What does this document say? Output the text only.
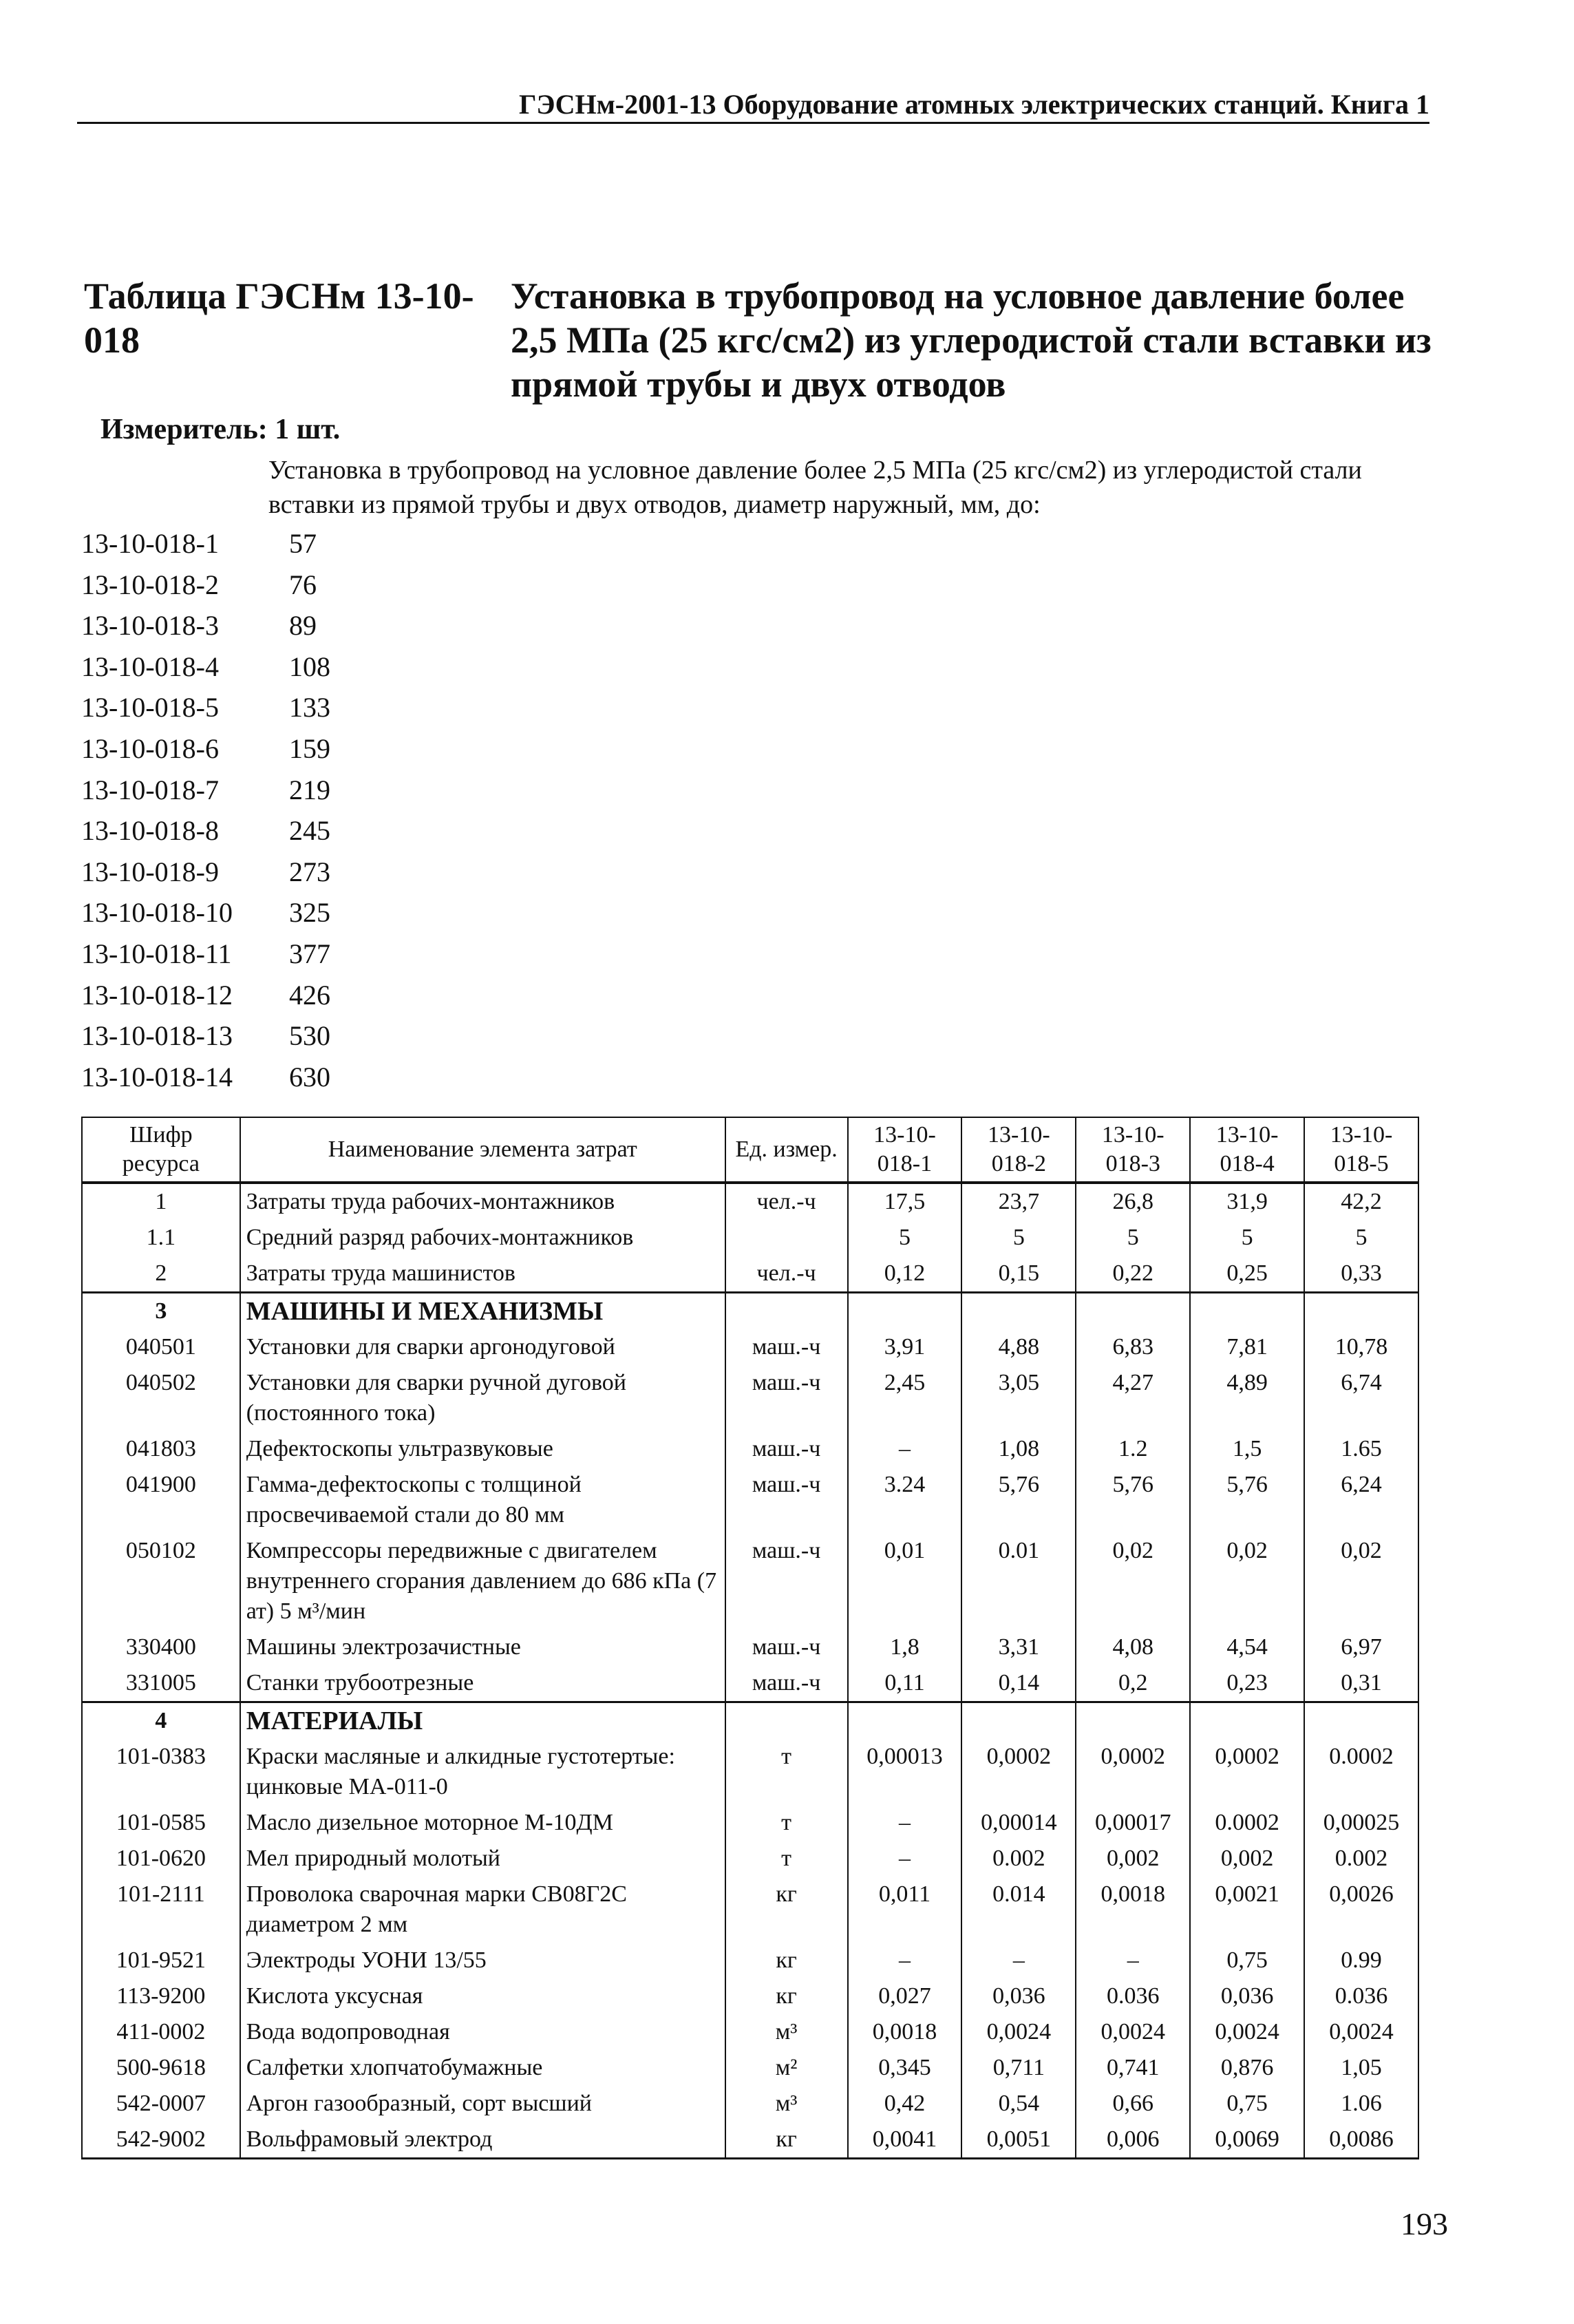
ГЭСНм-2001-13 Оборудование атомных электрических станций. Книга 1
Таблица ГЭСНм 13-10-018
Установка в трубопровод на условное давление более 2,5 МПа (25 кгс/см2) из углеродистой стали вставки из прямой трубы и двух отводов
Измеритель: 1 шт.
Установка в трубопровод на условное давление более 2,5 МПа (25 кгс/см2) из углеродистой стали вставки из прямой трубы и двух отводов, диаметр наружный, мм, до:
13-10-018-1	57
13-10-018-2	76
13-10-018-3	89
13-10-018-4	108
13-10-018-5	133
13-10-018-6	159
13-10-018-7	219
13-10-018-8	245
13-10-018-9	273
13-10-018-10	325
13-10-018-11	377
13-10-018-12	426
13-10-018-13	530
13-10-018-14	630
Шифр ресурса	Наименование элемента затрат	Ед. измер.	13-10-018-1	13-10-018-2	13-10-018-3	13-10-018-4	13-10-018-5
1	Затраты труда рабочих-монтажников	чел.-ч	17,5	23,7	26,8	31,9	42,2
1.1	Средний разряд рабочих-монтажников		5	5	5	5	5
2	Затраты труда машинистов	чел.-ч	0,12	0,15	0,22	0,25	0,33
3	МАШИНЫ И МЕХАНИЗМЫ						
040501	Установки для сварки аргонодуговой	маш.-ч	3,91	4,88	6,83	7,81	10,78
040502	Установки для сварки ручной дуговой (постоянного тока)	маш.-ч	2,45	3,05	4,27	4,89	6,74
041803	Дефектоскопы ультразвуковые	маш.-ч	–	1,08	1.2	1,5	1.65
041900	Гамма-дефектоскопы с толщиной просвечиваемой стали до 80 мм	маш.-ч	3.24	5,76	5,76	5,76	6,24
050102	Компрессоры передвижные с двигателем внутреннего сгорания давлением до 686 кПа (7 ат) 5 м³/мин	маш.-ч	0,01	0.01	0,02	0,02	0,02
330400	Машины электрозачистные	маш.-ч	1,8	3,31	4,08	4,54	6,97
331005	Станки трубоотрезные	маш.-ч	0,11	0,14	0,2	0,23	0,31
4	МАТЕРИАЛЫ						
101-0383	Краски масляные и алкидные густотертые: цинковые МА-011-0	т	0,00013	0,0002	0,0002	0,0002	0.0002
101-0585	Масло дизельное моторное М-10ДМ	т	–	0,00014	0,00017	0.0002	0,00025
101-0620	Мел природный молотый	т	–	0.002	0,002	0,002	0.002
101-2111	Проволока сварочная марки СВ08Г2С диаметром 2 мм	кг	0,011	0.014	0,0018	0,0021	0,0026
101-9521	Электроды УОНИ 13/55	кг	–	–	–	0,75	0.99
113-9200	Кислота уксусная	кг	0,027	0,036	0.036	0,036	0.036
411-0002	Вода водопроводная	м³	0,0018	0,0024	0,0024	0,0024	0,0024
500-9618	Салфетки хлопчатобумажные	м²	0,345	0,711	0,741	0,876	1,05
542-0007	Аргон газообразный, сорт высший	м³	0,42	0,54	0,66	0,75	1.06
542-9002	Вольфрамовый электрод	кг	0,0041	0,0051	0,006	0,0069	0,0086
193
